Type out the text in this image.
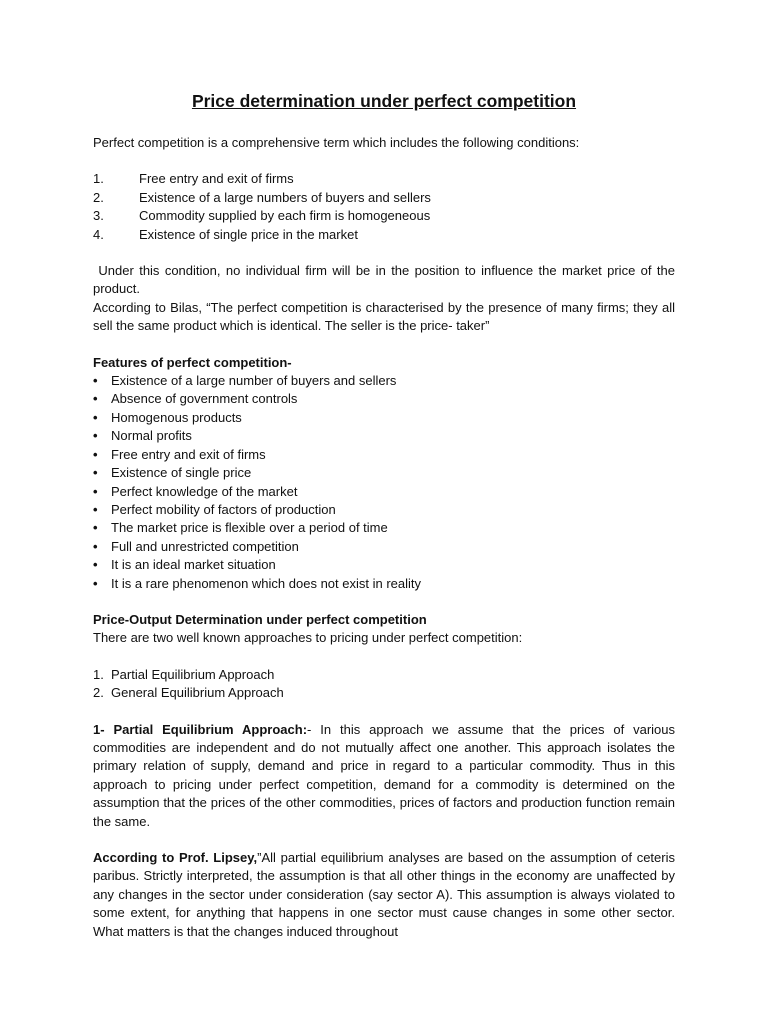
Price determination under perfect competition

Perfect competition is a comprehensive term which includes the following conditions:

1.	Free entry and exit of firms
2.	Existence of a large numbers of buyers and sellers
3.	Commodity supplied by each firm is homogeneous
4.	Existence of single price in the market

Under this condition, no individual firm will be in the position to influence the market price of the product.

According to Bilas, “The perfect competition is characterised by the presence of many firms; they all sell the same product which is identical. The seller is the price- taker”

Features of perfect competition-

•	Existence of a large number of buyers and sellers
•	Absence of government controls
•	Homogenous products
•	Normal profits
•	Free entry and exit of firms
•	Existence of single price
•	Perfect knowledge of the market
•	Perfect mobility of factors of production
•	The market price is flexible over a period of time
•	Full and unrestricted competition
•	It is an ideal market situation
•	It is a rare phenomenon which does not exist in reality

Price-Output Determination under perfect competition

There are two well known approaches to pricing under perfect competition:

1. Partial Equilibrium Approach
2. General Equilibrium Approach

1- Partial Equilibrium Approach:- In this approach we assume that the prices of various commodities are independent and do not mutually affect one another. This approach isolates the primary relation of supply, demand and price in regard to a particular commodity. Thus in this approach to pricing under perfect competition, demand for a commodity is determined on the assumption that the prices of the other commodities, prices of factors and production function remain the same.

According to Prof. Lipsey,”All partial equilibrium analyses are based on the assumption of ceteris paribus. Strictly interpreted, the assumption is that all other things in the economy are unaffected by any changes in the sector under consideration (say sector A). This assumption is always violated to some extent, for anything that happens in one sector must cause changes in some other sector. What matters is that the changes induced throughout
